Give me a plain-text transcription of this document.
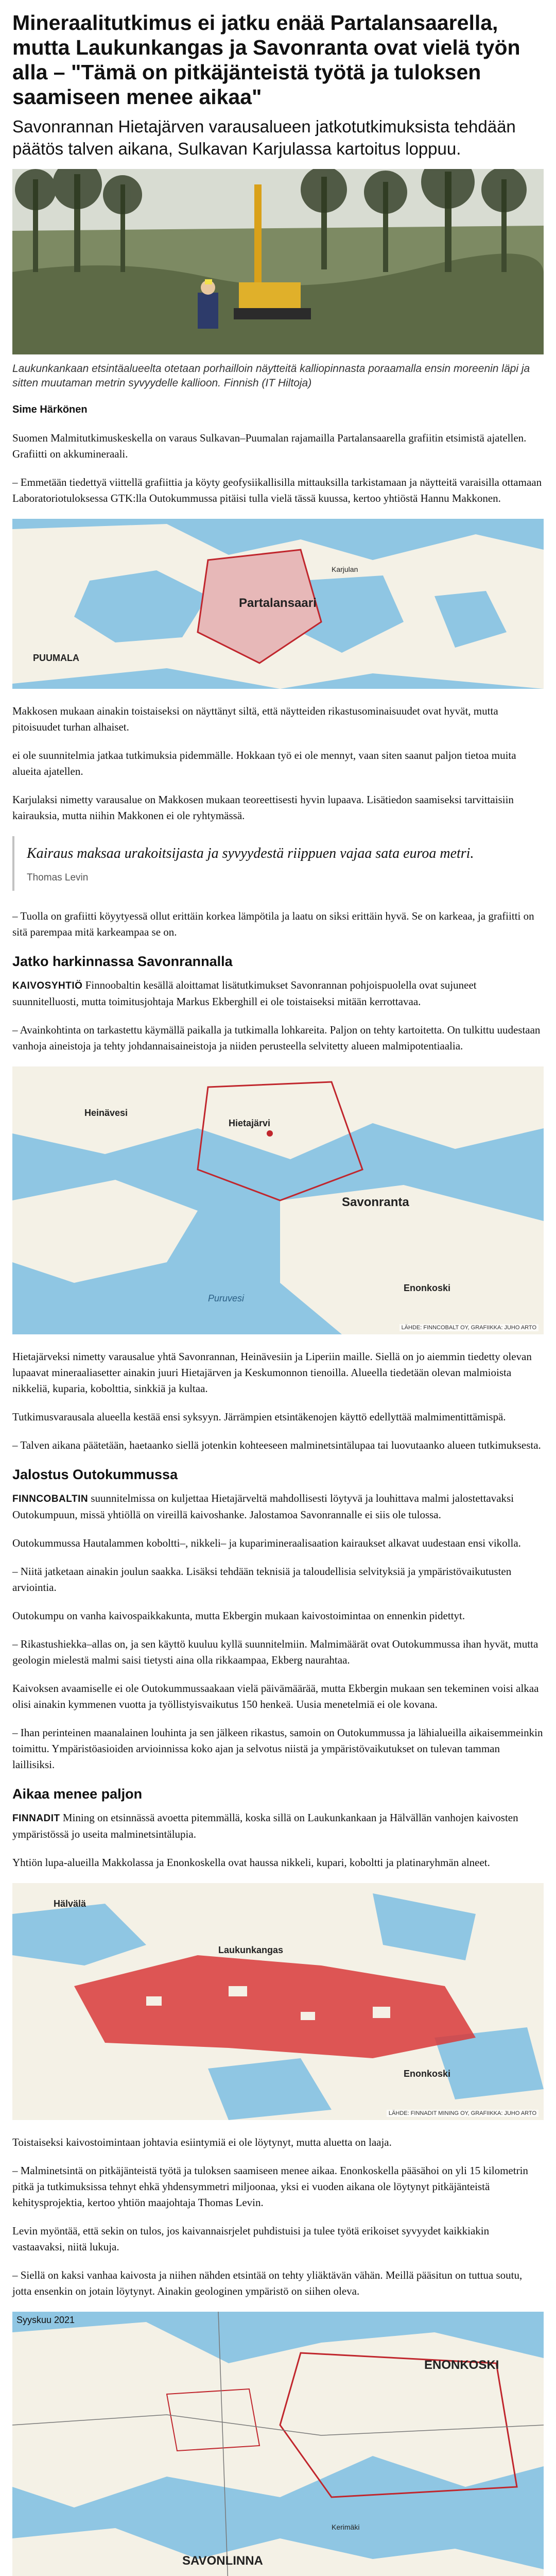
Mineraalitutkimus ei jatku enää Partalansaarella, mutta Laukunkangas ja Savonranta ovat vielä työn alla – "Tämä on pitkäjänteistä työtä ja tuloksen saamiseen menee aikaa"
Savonrannan Hietajärven varausalueen jatkotutkimuksista tehdään päätös talven aikana, Sulkavan Karjulassa kartoitus loppuu.
Laukunkankaan etsintäalueelta otetaan porhailloin näytteitä kalliopinnasta poraamalla ensin moreenin läpi ja sitten muutaman metrin syvyydelle kallioon. Finnish (IT Hiltoja)
Sime Härkönen

Suomen Malmitutkimuskeskella on varaus Sulkavan–Puumalan rajamailla Partalansaarella grafiitin etsimistä ajatellen. Grafiitti on akkumineraali.

– Emmetään tiedettyä viittellä grafiittia ja köyty geofysiikallisilla mittauksilla tarkistamaan ja näytteitä varaisilla ottamaan Laboratoriotuloksessa GTK:lla Outokummussa pitäisi tulla vielä tässä kuussa, kertoo yhtiöstä Hannu Makkonen.

Partalansaari
PUUMALA
Karjulan

Makkosen mukaan ainakin toistaiseksi on näyttänyt siltä, että näytteiden rikastusominaisuudet ovat hyvät, mutta pitoisuudet turhan alhaiset.

ei ole suunnitelmia jatkaa tutkimuksia pidemmälle. Hokkaan työ ei ole mennyt, vaan siten saanut paljon tietoa muita alueita ajatellen.

Karjulaksi nimetty varausalue on Makkosen mukaan teoreettisesti hyvin lupaava. Lisätiedon saamiseksi tarvittaisiin kairauksia, mutta niihin Makkonen ei ole ryhtymässä.

Kairaus maksaa urakoitsijasta ja syvyydestä riippuen vajaa sata euroa metri.
Thomas Levin

– Tuolla on grafiitti köyytyessä ollut erittäin korkea lämpötila ja laatu on siksi erittäin hyvä. Se on karkeaa, ja grafiitti on sitä parempaa mitä karkeampaa se on.

Jatko harkinnassa Savonrannalla

KAIVOSYHTIÖ Finnoobaltin kesällä aloittamat lisätutkimukset Savonrannan pohjoispuolella ovat sujuneet suunnitelluosti, mutta toimitusjohtaja Markus Ekberghill ei ole toistaiseksi mitään kerrottavaa.

– Avainkohtinta on tarkastettu käymällä paikalla ja tutkimalla lohkareita. Paljon on tehty kartoitetta. On tulkittu uudestaan vanhoja aineistoja ja tehty johdannaisaineistoja ja niiden perusteella selvitetty alueen malmipotentiaalia.

Heinävesi
Savonranta
Hietajärvi
Enonkoski
Puruvesi
LÄHDE: FINNCOBALT OY, GRAFIIKKA: JUHO ARTO

Hietajärveksi nimetty varausalue yhtä Savonrannan, Heinävesiin ja Liperiin maille. Siellä on jo aiemmin tiedetty olevan lupaavat mineraaliasetter ainakin juuri Hietajärven ja Keskumonnon tienoilla. Alueella tiedetään olevan malmioista nikkeliä, kuparia, kobolttia, sinkkiä ja kultaa.

Tutkimusvarausala alueella kestää ensi syksyyn. Järrämpien etsintäkenojen käyttö edellyttää malmimentittämispä.

– Talven aikana päätetään, haetaanko siellä jotenkin kohteeseen malminetsintälupaa tai luovutaanko alueen tutkimuksesta.

Jalostus Outokummussa

FINNCOBALTIN suunnitelmissa on kuljettaa Hietajärveltä mahdollisesti löytyvä ja louhittava malmi jalostettavaksi Outokumpuun, missä yhtiöllä on vireillä kaivoshanke. Jalostamoa Savonrannalle ei siis ole tulossa.

Outokummussa Hautalammen koboltti–, nikkeli– ja kuparimineraalisaation kairaukset alkavat uudestaan ensi vikolla.

– Niitä jatketaan ainakin joulun saakka. Lisäksi tehdään teknisiä ja taloudellisia selvityksiä ja ympäristövaikutusten arviointia.

Outokumpu on vanha kaivospaikkakunta, mutta Ekbergin mukaan kaivostoimintaa on ennenkin pidettyt.

– Rikastushiekka–allas on, ja sen käyttö kuuluu kyllä suunnitelmiin. Malmimäärät ovat Outokummussa ihan hyvät, mutta geologin mielestä malmi saisi tietysti aina olla rikkaampaa, Ekberg naurahtaa.

Kaivoksen avaamiselle ei ole Outokummussaakaan vielä päivämäärää, mutta Ekbergin mukaan sen tekeminen voisi alkaa olisi ainakin kymmenen vuotta ja työllistyisvaikutus 150 henkeä. Uusia menetelmiä ei ole kovana.

– Ihan perinteinen maanalainen louhinta ja sen jälkeen rikastus, samoin on Outokummussa ja lähialueilla aikaisemmeinkin toimittu. Ympäristöasioiden arvioinnissa koko ajan ja selvotus niistä ja ympäristövaikutukset on tulevan tamman laillisiksi.

Aikaa menee paljon

FINNADIT Mining on etsinnässä avoetta pitemmällä, koska sillä on Laukunkankaan ja Hälvällän vanhojen kaivosten ympäristössä jo useita malminetsintälupia.

Yhtiön lupa-alueilla Makkolassa ja Enonkoskella ovat haussa nikkeli, kupari, koboltti ja platinaryhmän alneet.

Hälvälä
Laukunkangas
Enonkoski
LÄHDE: FINNADIT MINING OY, GRAFIIKKA: JUHO ARTO

Toistaiseksi kaivostoimintaan johtavia esiintymiä ei ole löytynyt, mutta aluetta on laaja.

– Malminetsintä on pitkäjänteistä työtä ja tuloksen saamiseen menee aikaa. Enonkoskella pääsähoi on yli 15 kilometrin pitkä ja tutkimuksissa tehnyt ehkä yhdensymmetri miljoonaa, yksi ei vuoden aikana ole löytynyt pitkäjänteistä kehitysprojektia, kertoo yhtiön maajohtaja Thomas Levin.

Levin myöntää, että sekin on tulos, jos kaivannaisrjelet puhdistuisi ja tulee työtä erikoiset syvyydet kaikkiakin vastaavaksi, niitä lukuja.

– Siellä on kaksi vanhaa kaivosta ja niihen nähden etsintää on tehty yliäktävän vähän. Meillä pääsitun on tuttua soutu, jotta ensenkin on jotain löytynyt. Ainakin geologinen ympäristö on siihen oleva.

Syyskuu 2021
ENONKOSKI
SAVONLINNA
Kerimäki
